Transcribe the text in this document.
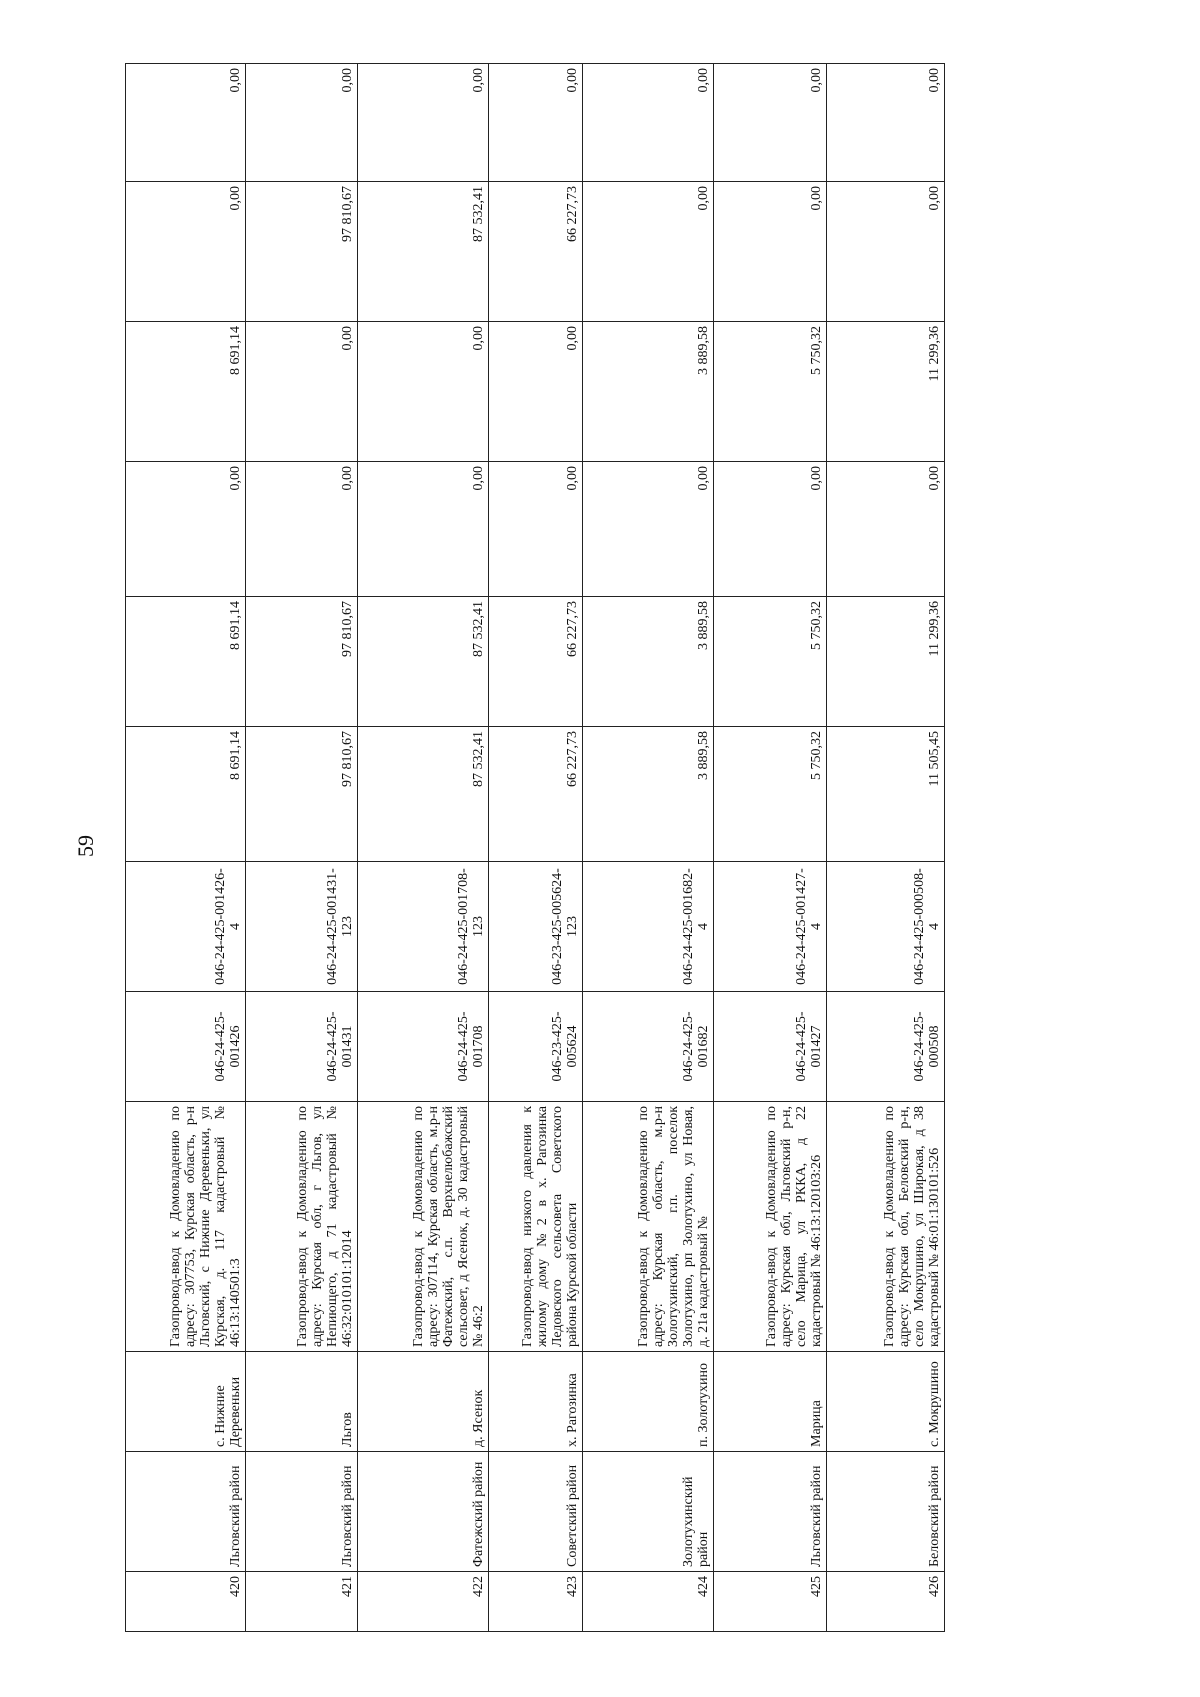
59
420	Льговский район	с. Нижние Деревеньки	Газопровод-ввод к Домовладению по адресу: 307753, Курская область, р-н Льговский, с Нижние Деревеньки, ул Курская, д. 117 кадастровый № 46:13:140501:3	046-24-425-001426	046-24-425-001426-4	8 691,14	8 691,14	0,00	8 691,14	0,00	0,00
421	Льговский район	Льгов	Газопровод-ввод к Домовладению по адресу: Курская обл, г Льгов, ул Непиющего, д 71 кадастровый № 46:32:010101:12014	046-24-425-001431	046-24-425-001431-123	97 810,67	97 810,67	0,00	0,00	97 810,67	0,00
422	Фатежский район	д. Ясенок	Газопровод-ввод к Домовладению по адресу: 307114, Курская область, м.р-н Фатежский, с.п. Верхнелюбажский сельсовет, д Ясенок, д. 30 кадастровый № 46:2	046-24-425-001708	046-24-425-001708-123	87 532,41	87 532,41	0,00	0,00	87 532,41	0,00
423	Советский район	х. Рагозинка	Газопровод-ввод низкого давления к жилому дому №2 в х. Рагозинка Ледовского сельсовета Советского района Курской области	046-23-425-005624	046-23-425-005624-123	66 227,73	66 227,73	0,00	0,00	66 227,73	0,00
424	Золотухинский район	п. Золотухино	Газопровод-ввод к Домовладению по адресу: Курская область, м.р-н Золотухинский, г.п. поселок Золотухино, рп Золотухино, ул Новая, д. 21а кадастровый №	046-24-425-001682	046-24-425-001682-4	3 889,58	3 889,58	0,00	3 889,58	0,00	0,00
425	Льговский район	Марица	Газопровод-ввод к Домовладению по адресу: Курская обл, Льговский р-н, село Марица, ул РККА, д 22 кадастровый № 46:13:120103:26	046-24-425-001427	046-24-425-001427-4	5 750,32	5 750,32	0,00	5 750,32	0,00	0,00
426	Беловский район	с. Мокрушино	Газопровод-ввод к Домовладению по адресу: Курская обл, Беловский р-н, село Мокрушино, ул Широкая, д 38 кадастровый № 46:01:130101:526	046-24-425-000508	046-24-425-000508-4	11 505,45	11 299,36	0,00	11 299,36	0,00	0,00
